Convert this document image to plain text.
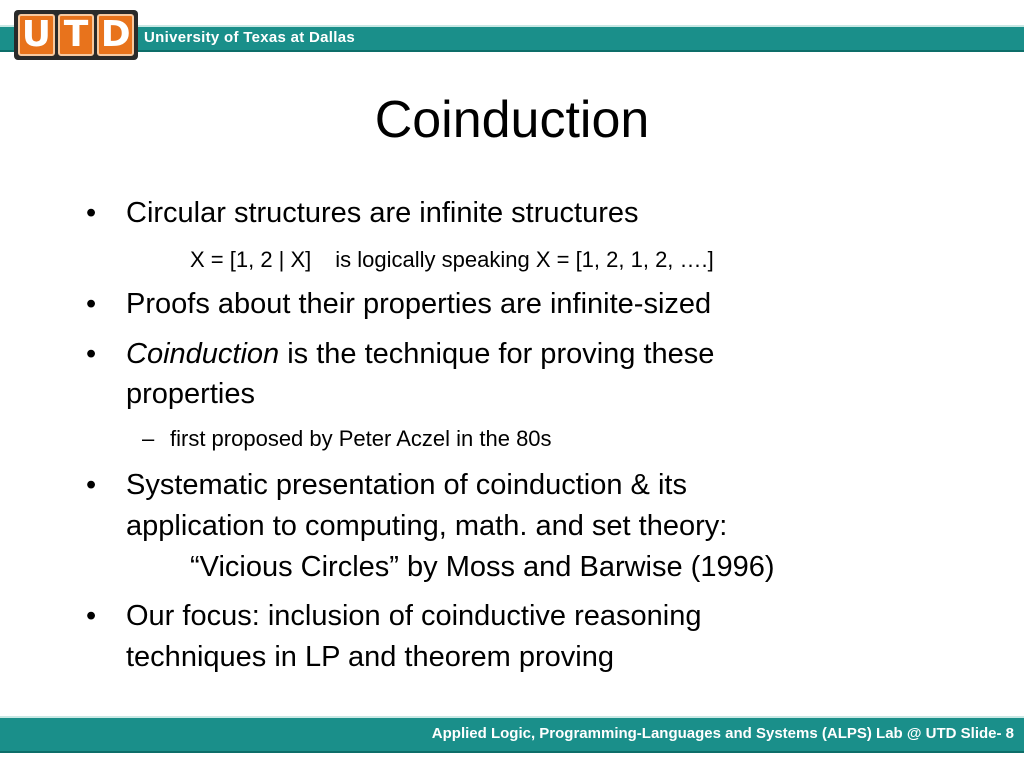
U T D University of Texas at Dallas
Coinduction
• Circular structures are infinite structures
X = [1, 2 | X] is logically speaking X = [1, 2, 1, 2, ….]
• Proofs about their properties are infinite-sized
• Coinduction is the technique for proving these
properties
– first proposed by Peter Aczel in the 80s
• Systematic presentation of coinduction & its
application to computing, math. and set theory:
“Vicious Circles” by Moss and Barwise (1996)
• Our focus: inclusion of coinductive reasoning
techniques in LP and theorem proving
Applied Logic, Programming-Languages and Systems (ALPS) Lab @ UTD Slide- 8
